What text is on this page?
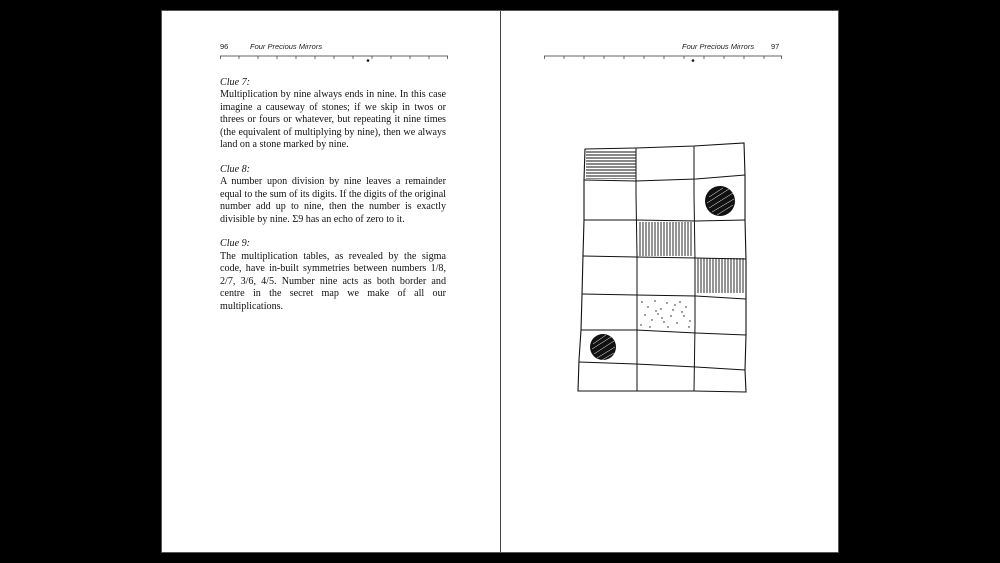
96	Four Precious Mirrors
Clue 7:
Multiplication by nine always ends in nine. In this case imagine a causeway of stones; if we skip in twos or threes or fours or whatever, but repeating it nine times (the equivalent of multiplying by nine), then we always land on a stone marked by nine.
Clue 8:
A number upon division by nine leaves a remainder equal to the sum of its digits. If the digits of the original number add up to nine, then the number is exactly divisible by nine. Σ9 has an echo of zero to it.
Clue 9:
The multiplication tables, as revealed by the sigma code, have in-built symmetries between numbers 1/8, 2/7, 3/6, 4/5. Number nine acts as both border and centre in the secret map we make of all our multiplications.
Four Precious Mirrors 97
